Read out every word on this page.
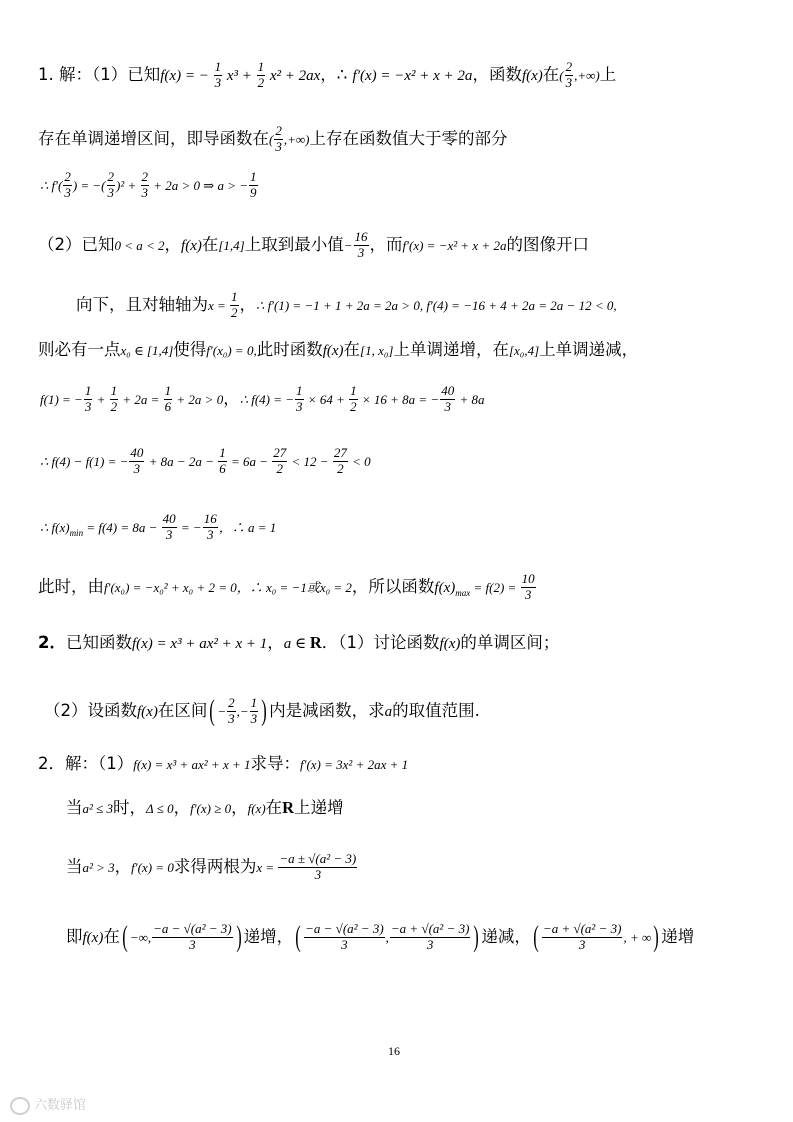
1. 解：（1）已知f(x) = − $\frac{1}{3} x^3 + \frac{1}{2} x^2 + 2ax$，∴ f′(x) = −x² + x + 2a，函数f(x)在( $\frac{2}{3}$ ,+∞)上
存在单调递增区间，即导函数在( $\frac{2}{3}$ ,+∞)上存在函数值大于零的部分
∴ $f'( \frac{2}{3}$ ) = −( $\frac{2}{3} )^2 + \frac{2}{3} + 2a > 0$ ⇒ a > − $\frac{1}{9}$
（2）已知0 < a < 2，f(x)在[1,4]上取到最小值− $\frac{16}{3}$ ，而f′(x) = −x² + x + 2a的图像开口
向下，且对轴轴为$x = \frac{1}{2}$ ，∴ f′(1) = −1 + 1 + 2a = 2a > 0, f′(4) = −16 + 4 + 2a = 2a − 12 < 0,
则必有一点x₀ ∈ [1,4]使得f′(x₀) = 0,此时函数f(x)在[1, x₀]上单调递增，在[x₀,4]上单调递减，
f(1) = − $\frac{1}{3} + \frac{1}{2} + 2a = \frac{1}{6} + 2a > 0$，∴ f(4) = − $\frac{1}{3} \times 64 + \frac{1}{2} \times 16 + 8a$ = − $\frac{40}{3} + 8a$
∴ f(4) − f(1) = − $\frac{40}{3} + 8a - 2a - \frac{1}{6} = 6a - \frac{27}{2} < 12 - \frac{27}{2} < 0$
∴ $f(x)_{min} = f(4) = 8a - \frac{40}{3}$ = − $\frac{16}{3}$ ，∴ a = 1
此时，由f′(x₀) = −x₀² + x₀ + 2 = 0，∴ x₀ = −1或x₀ = 2，所以函数$f(x)_{max} = f(2) = \frac{10}{3}$
2．已知函数f(x) = x³ + ax² + x + 1，a ∈ R．（1）讨论函数f(x)的单调区间；
（2）设函数f(x)在区间( − $\frac{2}{3}$ ,− $\frac{1}{3}$ ) 内是减函数，求a的取值范围.
2．解：（1）f(x) = x³ + ax² + x + 1求导：f′(x) = 3x² + 2ax + 1
当a² ≤ 3时，Δ ≤ 0，f′(x) ≥ 0，f(x)在R上递增
当a² > 3，f′(x) = 0求得两根为$x = \frac{\text{−a ± √(a² − 3)}}{3}$
即f(x)在( −∞, $\frac{\text{−a − √(a² − 3)}}{3}$ ) 递增，( $\frac{\text{−a − √(a² − 3)}}{3}$ , $\frac{\text{−a + √(a² − 3)}}{3}$ ) 递减，( $\frac{\text{−a + √(a² − 3)}}{3}$ , + ∞) 递增
16
六数驿馆
